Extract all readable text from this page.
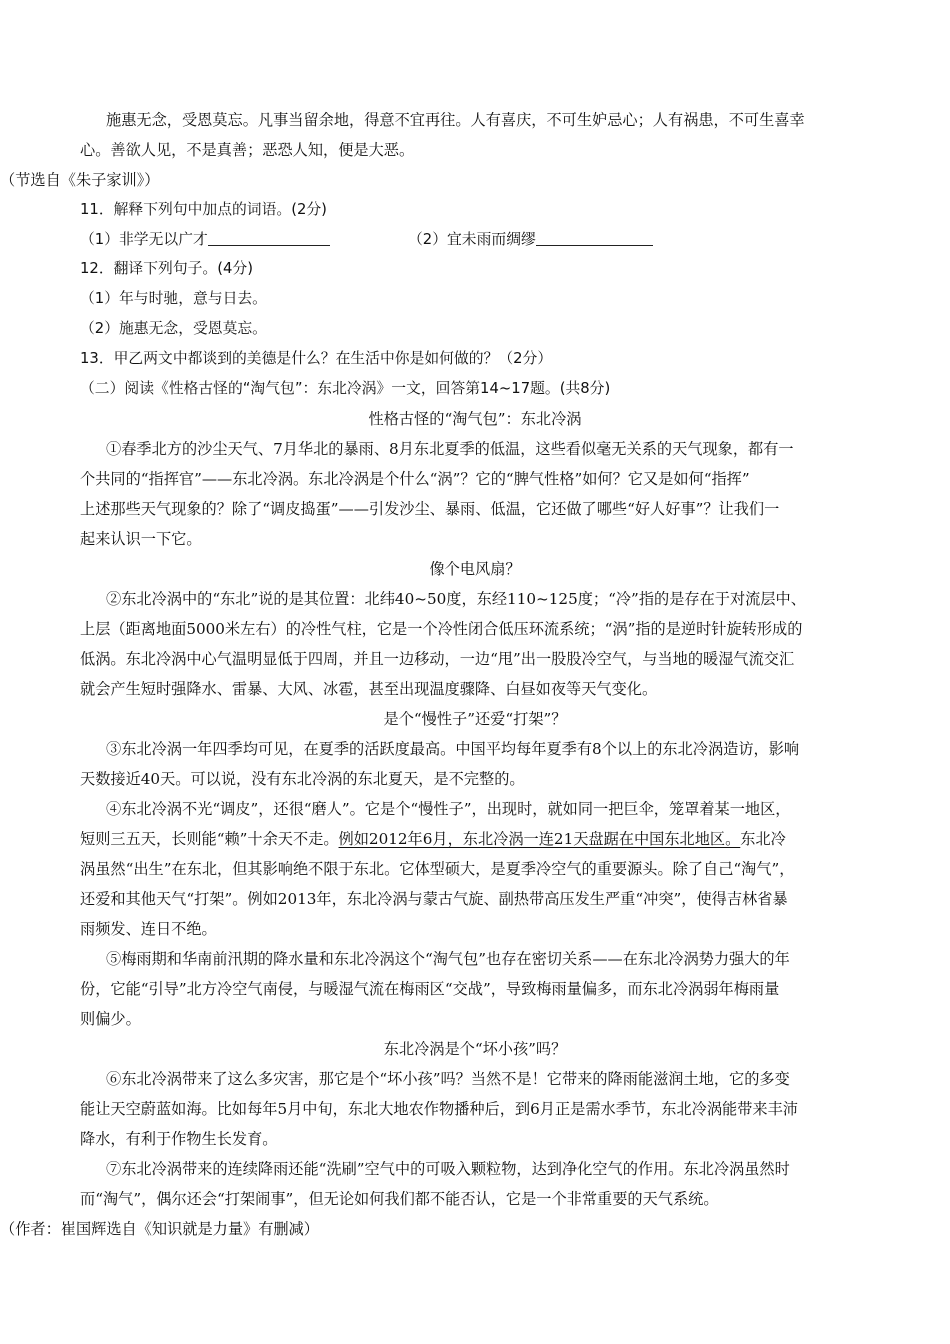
施惠无念，受恩莫忘。凡事当留余地，得意不宜再往。人有喜庆，不可生妒忌心；人有祸患，不可生喜幸
心。善欲人见，不是真善；恶恐人知，便是大恶。
（节选自《朱子家训》）
11．解释下列句中加点的词语。(2分)
（1）非学无以广才	（2）宜未雨而绸缪
12．翻译下列句子。(4分)
（1）年与时驰，意与日去。
（2）施惠无念，受恩莫忘。
13．甲乙两文中都谈到的美德是什么？在生活中你是如何做的？（2分）
（二）阅读《性格古怪的“淘气包”：东北冷涡》一文，回答第14~17题。(共8分)
性格古怪的“淘气包”：东北冷涡
①春季北方的沙尘天气、7月华北的暴雨、8月东北夏季的低温，这些看似毫无关系的天气现象，都有一
个共同的“指挥官”——东北冷涡。东北冷涡是个什么“涡”？它的“脾气性格”如何？它又是如何“指挥”
上述那些天气现象的？除了“调皮捣蛋”——引发沙尘、暴雨、低温，它还做了哪些“好人好事”？让我们一
起来认识一下它。
像个电风扇？
②东北冷涡中的“东北”说的是其位置：北纬40~50度，东经110~125度；“冷”指的是存在于对流层中、
上层（距离地面5000米左右）的冷性气柱，它是一个冷性闭合低压环流系统；“涡”指的是逆时针旋转形成的
低涡。东北冷涡中心气温明显低于四周，并且一边移动，一边“甩”出一股股冷空气，与当地的暖湿气流交汇
就会产生短时强降水、雷暴、大风、冰雹，甚至出现温度骤降、白昼如夜等天气变化。
是个“慢性子”还爱“打架”？
③东北冷涡一年四季均可见，在夏季的活跃度最高。中国平均每年夏季有8个以上的东北冷涡造访，影响
天数接近40天。可以说，没有东北冷涡的东北夏天，是不完整的。
④东北冷涡不光“调皮”，还很“磨人”。它是个“慢性子”，出现时，就如同一把巨伞，笼罩着某一地区，
短则三五天，长则能“赖”十余天不走。例如2012年6月，东北冷涡一连21天盘踞在中国东北地区。东北冷
涡虽然“出生”在东北，但其影响绝不限于东北。它体型硕大，是夏季冷空气的重要源头。除了自己“淘气”，
还爱和其他天气“打架”。例如2013年，东北冷涡与蒙古气旋、副热带高压发生严重“冲突”，使得吉林省暴
雨频发、连日不绝。
⑤梅雨期和华南前汛期的降水量和东北冷涡这个“淘气包”也存在密切关系——在东北冷涡势力强大的年
份，它能“引导”北方冷空气南侵，与暖湿气流在梅雨区“交战”，导致梅雨量偏多，而东北冷涡弱年梅雨量
则偏少。
东北冷涡是个“坏小孩”吗？
⑥东北冷涡带来了这么多灾害，那它是个“坏小孩”吗？当然不是！它带来的降雨能滋润土地，它的多变
能让天空蔚蓝如海。比如每年5月中旬，东北大地农作物播种后，到6月正是需水季节，东北冷涡能带来丰沛
降水，有利于作物生长发育。
⑦东北冷涡带来的连续降雨还能“洗刷”空气中的可吸入颗粒物，达到净化空气的作用。东北冷涡虽然时
而“淘气”，偶尔还会“打架闹事”，但无论如何我们都不能否认，它是一个非常重要的天气系统。
（作者：崔国辉选自《知识就是力量》有删减）
